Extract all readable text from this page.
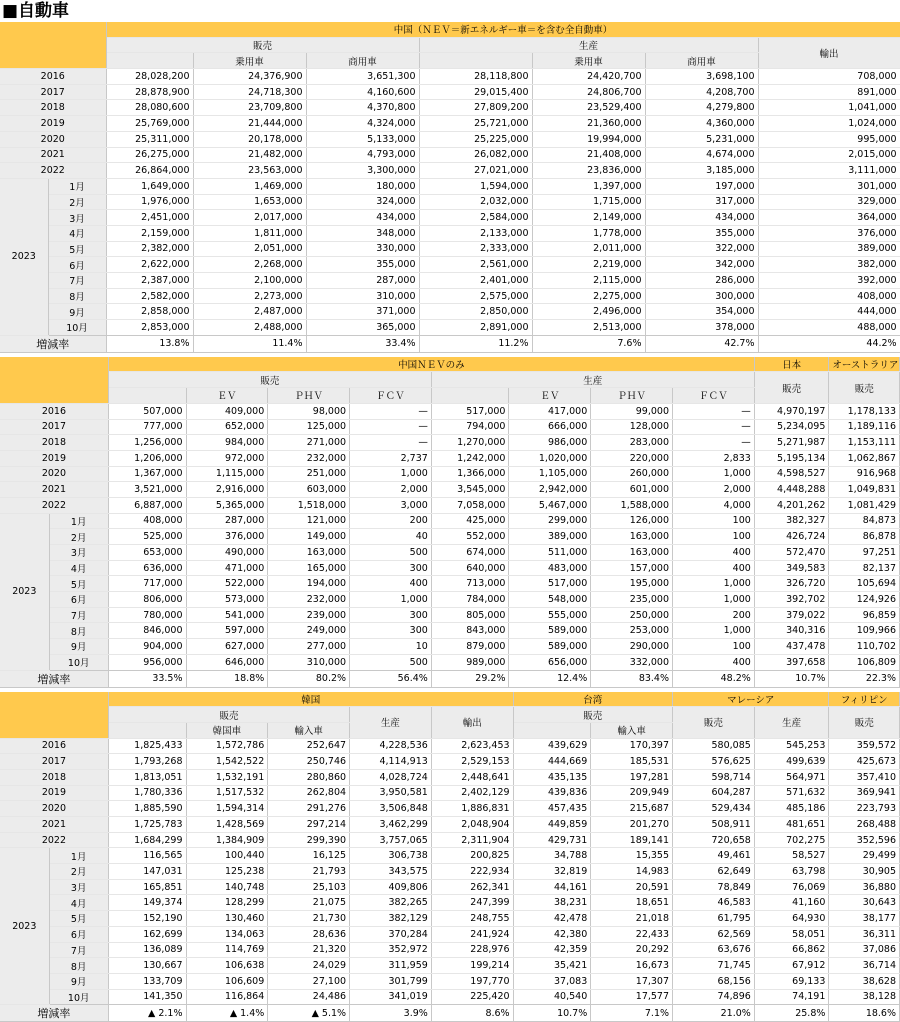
■自動車
		中国（ＮＥＶ＝新エネルギー車＝を含む全自動車）						
		販売			生産			輸出
			乗用車	商用車		乗用車	商用車	
2016		28,028,200	24,376,900	3,651,300	28,118,800	24,420,700	3,698,100	708,000
2017		28,878,900	24,718,300	4,160,600	29,015,400	24,806,700	4,208,700	891,000
2018		28,080,600	23,709,800	4,370,800	27,809,200	23,529,400	4,279,800	1,041,000
2019		25,769,000	21,444,000	4,324,000	25,721,000	21,360,000	4,360,000	1,024,000
2020		25,311,000	20,178,000	5,133,000	25,225,000	19,994,000	5,231,000	995,000
2021		26,275,000	21,482,000	4,793,000	26,082,000	21,408,000	4,674,000	2,015,000
2022		26,864,000	23,563,000	3,300,000	27,021,000	23,836,000	3,185,000	3,111,000
2023	1月	1,649,000	1,469,000	180,000	1,594,000	1,397,000	197,000	301,000
	2月	1,976,000	1,653,000	324,000	2,032,000	1,715,000	317,000	329,000
	3月	2,451,000	2,017,000	434,000	2,584,000	2,149,000	434,000	364,000
	4月	2,159,000	1,811,000	348,000	2,133,000	1,778,000	355,000	376,000
	5月	2,382,000	2,051,000	330,000	2,333,000	2,011,000	322,000	389,000
	6月	2,622,000	2,268,000	355,000	2,561,000	2,219,000	342,000	382,000
	7月	2,387,000	2,100,000	287,000	2,401,000	2,115,000	286,000	392,000
	8月	2,582,000	2,273,000	310,000	2,575,000	2,275,000	300,000	408,000
	9月	2,858,000	2,487,000	371,000	2,850,000	2,496,000	354,000	444,000
	10月	2,853,000	2,488,000	365,000	2,891,000	2,513,000	378,000	488,000
増減率		13.8%	11.4%	33.4%	11.2%	7.6%	42.7%	44.2%
		中国ＮＥＶのみ								日本	オーストラリア
		販売				生産				販売	販売
			ＥＶ	ＰＨＶ	ＦＣＶ		ＥＶ	ＰＨＶ	ＦＣＶ		
2016		507,000	409,000	98,000	—	517,000	417,000	99,000	—	4,970,197	1,178,133
2017		777,000	652,000	125,000	—	794,000	666,000	128,000	—	5,234,095	1,189,116
2018		1,256,000	984,000	271,000	—	1,270,000	986,000	283,000	—	5,271,987	1,153,111
2019		1,206,000	972,000	232,000	2,737	1,242,000	1,020,000	220,000	2,833	5,195,134	1,062,867
2020		1,367,000	1,115,000	251,000	1,000	1,366,000	1,105,000	260,000	1,000	4,598,527	916,968
2021		3,521,000	2,916,000	603,000	2,000	3,545,000	2,942,000	601,000	2,000	4,448,288	1,049,831
2022		6,887,000	5,365,000	1,518,000	3,000	7,058,000	5,467,000	1,588,000	4,000	4,201,262	1,081,429
2023	1月	408,000	287,000	121,000	200	425,000	299,000	126,000	100	382,327	84,873
	2月	525,000	376,000	149,000	40	552,000	389,000	163,000	100	426,724	86,878
	3月	653,000	490,000	163,000	500	674,000	511,000	163,000	400	572,470	97,251
	4月	636,000	471,000	165,000	300	640,000	483,000	157,000	400	349,583	82,137
	5月	717,000	522,000	194,000	400	713,000	517,000	195,000	1,000	326,720	105,694
	6月	806,000	573,000	232,000	1,000	784,000	548,000	235,000	1,000	392,702	124,926
	7月	780,000	541,000	239,000	300	805,000	555,000	250,000	200	379,022	96,859
	8月	846,000	597,000	249,000	300	843,000	589,000	253,000	1,000	340,316	109,966
	9月	904,000	627,000	277,000	10	879,000	589,000	290,000	100	437,478	110,702
	10月	956,000	646,000	310,000	500	989,000	656,000	332,000	400	397,658	106,809
増減率		33.5%	18.8%	80.2%	56.4%	29.2%	12.4%	83.4%	48.2%	10.7%	22.3%
		韓国					台湾		マレーシア		フィリピン
		販売			生産	輸出	販売		販売	生産	販売
			韓国車	輸入車				輸入車			
2016		1,825,433	1,572,786	252,647	4,228,536	2,623,453	439,629	170,397	580,085	545,253	359,572
2017		1,793,268	1,542,522	250,746	4,114,913	2,529,153	444,669	185,531	576,625	499,639	425,673
2018		1,813,051	1,532,191	280,860	4,028,724	2,448,641	435,135	197,281	598,714	564,971	357,410
2019		1,780,336	1,517,532	262,804	3,950,581	2,402,129	439,836	209,949	604,287	571,632	369,941
2020		1,885,590	1,594,314	291,276	3,506,848	1,886,831	457,435	215,687	529,434	485,186	223,793
2021		1,725,783	1,428,569	297,214	3,462,299	2,048,904	449,859	201,270	508,911	481,651	268,488
2022		1,684,299	1,384,909	299,390	3,757,065	2,311,904	429,731	189,141	720,658	702,275	352,596
2023	1月	116,565	100,440	16,125	306,738	200,825	34,788	15,355	49,461	58,527	29,499
	2月	147,031	125,238	21,793	343,575	222,934	32,819	14,983	62,649	63,798	30,905
	3月	165,851	140,748	25,103	409,806	262,341	44,161	20,591	78,849	76,069	36,880
	4月	149,374	128,299	21,075	382,265	247,399	38,231	18,651	46,583	41,160	30,643
	5月	152,190	130,460	21,730	382,129	248,755	42,478	21,018	61,795	64,930	38,177
	6月	162,699	134,063	28,636	370,284	241,924	42,380	22,433	62,569	58,051	36,311
	7月	136,089	114,769	21,320	352,972	228,976	42,359	20,292	63,676	66,862	37,086
	8月	130,667	106,638	24,029	311,959	199,214	35,421	16,673	71,745	67,912	36,714
	9月	133,709	106,609	27,100	301,799	197,770	37,083	17,307	68,156	69,133	38,628
	10月	141,350	116,864	24,486	341,019	225,420	40,540	17,577	74,896	74,191	38,128
増減率		▲ 2.1%	▲ 1.4%	▲ 5.1%	3.9%	8.6%	10.7%	7.1%	21.0%	25.8%	18.6%
